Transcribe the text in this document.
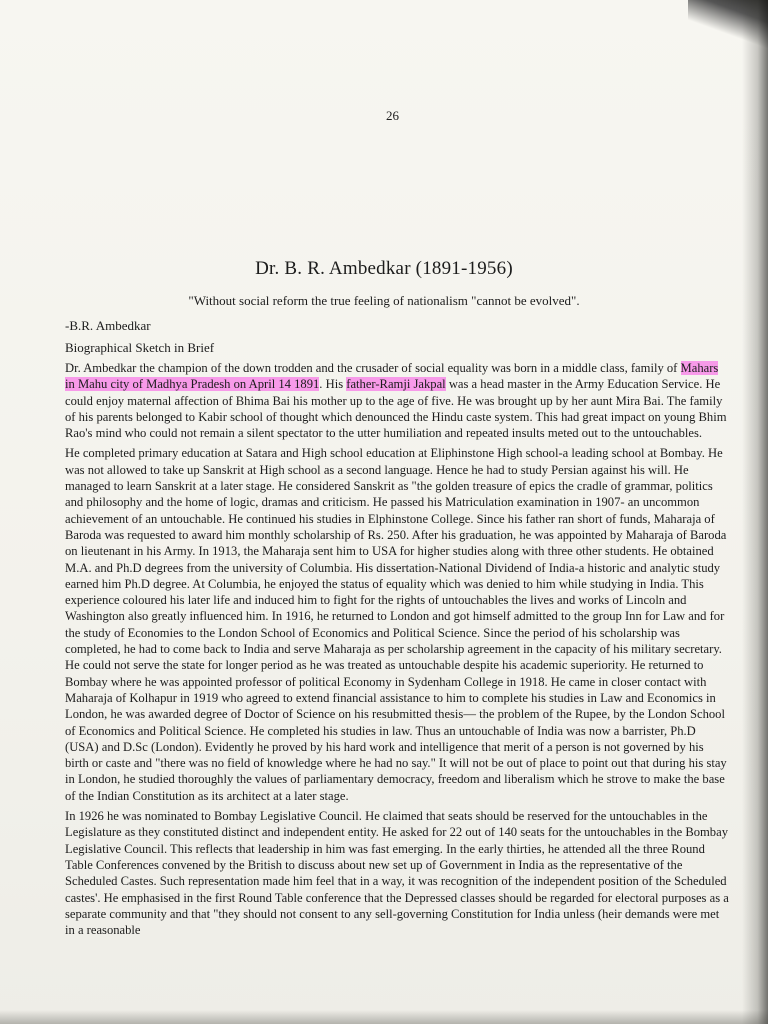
26
Dr. B. R. Ambedkar (1891-1956)
"Without social reform the true feeling of nationalism "cannot be evolved".
-B.R. Ambedkar
Biographical Sketch in Brief

Dr. Ambedkar the champion of the down trodden and the crusader of social equality was born in a middle class, family of Mahars in Mahu city of Madhya Pradesh on April 14 1891. His father-Ramji Jakpal was a head master in the Army Education Service. He could enjoy maternal affection of Bhima Bai his mother up to the age of five. He was brought up by her aunt Mira Bai. The family of his parents belonged to Kabir school of thought which denounced the Hindu caste system. This had great impact on young Bhim Rao's mind who could not remain a silent spectator to the utter humiliation and repeated insults meted out to the untouchables.

He completed primary education at Satara and High school education at Eliphinstone High school-a leading school at Bombay. He was not allowed to take up Sanskrit at High school as a second language. Hence he had to study Persian against his will. He managed to learn Sanskrit at a later stage. He considered Sanskrit as "the golden treasure of epics the cradle of grammar, politics and philosophy and the home of logic, dramas and criticism. He passed his Matriculation examination in 1907- an uncommon achievement of an untouchable. He continued his studies in Elphinstone College. Since his father ran short of funds, Maharaja of Baroda was requested to award him monthly scholarship of Rs. 250. After his graduation, he was appointed by Maharaja of Baroda on lieutenant in his Army. In 1913, the Maharaja sent him to USA for higher studies along with three other students. He obtained M.A. and Ph.D degrees from the university of Columbia. His dissertation-National Dividend of India-a historic and analytic study earned him Ph.D degree. At Columbia, he enjoyed the status of equality which was denied to him while studying in India. This experience coloured his later life and induced him to fight for the rights of untouchables the lives and works of Lincoln and Washington also greatly influenced him. In 1916, he returned to London and got himself admitted to the group Inn for Law and for the study of Economies to the London School of Economics and Political Science. Since the period of his scholarship was completed, he had to come back to India and serve Maharaja as per scholarship agreement in the capacity of his military secretary. He could not serve the state for longer period as he was treated as untouchable despite his academic superiority. He returned to Bombay where he was appointed professor of political Economy in Sydenham College in 1918. He came in closer contact with Maharaja of Kolhapur in 1919 who agreed to extend financial assistance to him to complete his studies in Law and Economics in London, he was awarded degree of Doctor of Science on his resubmitted thesis— the problem of the Rupee, by the London School of Economics and Political Science. He completed his studies in law. Thus an untouchable of India was now a barrister, Ph.D (USA) and D.Sc (London). Evidently he proved by his hard work and intelligence that merit of a person is not governed by his birth or caste and "there was no field of knowledge where he had no say." It will not be out of place to point out that during his stay in London, he studied thoroughly the values of parliamentary democracy, freedom and liberalism which he strove to make the base of the Indian Constitution as its architect at a later stage.

In 1926 he was nominated to Bombay Legislative Council. He claimed that seats should be reserved for the untouchables in the Legislature as they constituted distinct and independent entity. He asked for 22 out of 140 seats for the untouchables in the Bombay Legislative Council. This reflects that leadership in him was fast emerging. In the early thirties, he attended all the three Round Table Conferences convened by the British to discuss about new set up of Government in India as the representative of the Scheduled Castes. Such representation made him feel that in a way, it was recognition of the independent position of the Scheduled castes'. He emphasised in the first Round Table conference that the Depressed classes should be regarded for electoral purposes as a separate community and that "they should not consent to any sell-governing Constitution for India unless (heir demands were met in a reasonable
